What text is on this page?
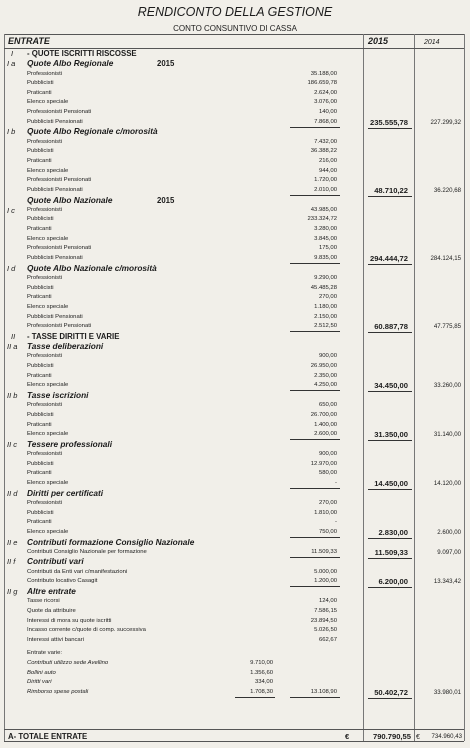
RENDICONTO DELLA GESTIONE
CONTO CONSUNTIVO DI CASSA
ENTRATE	2015	2014
I - QUOTE ISCRITTI RISCOSSE
I a Quote Albo Regionale	2015
Professionisti	35.188,00
Pubblicisti	186.659,78
Praticanti	2.624,00
Elenco speciale	3.076,00
Professionisti Pensionati	140,00
Pubblicisti Pensionati	7.868,00	235.555,78	227.299,32
I b Quote Albo Regionale c/morosità
Professionisti	7.432,00
Pubblicisti	36.388,22
Praticanti	216,00
Elenco speciale	944,00
Professionisti Pensionati	1.720,00
Pubblicisti Pensionati	2.010,00	48.710,22	36.220,68
Quote Albo Nazionale	2015
I c Professionisti	43.985,00
Pubblicisti	233.324,72
Praticanti	3.280,00
Elenco speciale	3.845,00
Professionisti Pensionati	175,00
Pubblicisti Pensionati	9.835,00	294.444,72	284.124,15
I d Quote Albo Nazionale c/morosità
Professionisti	9.290,00
Pubblicisti	45.485,28
Praticanti	270,00
Elenco speciale	1.180,00
Pubblicisti Pensionati	2.150,00
Professionisti Pensionati	2.512,50	60.887,78	47.775,85
II - TASSE DIRITTI E VARIE
II a Tasse deliberazioni
Professionisti	900,00
Pubblicisti	26.950,00
Praticanti	2.350,00
Elenco speciale	4.250,00	34.450,00	33.260,00
II b Tasse iscrizioni
Professionisti	650,00
Pubblicisti	26.700,00
Praticanti	1.400,00
Elenco speciale	2.600,00	31.350,00	31.140,00
II c Tessere professionali
Professionisti	900,00
Pubblicisti	12.970,00
Praticanti	580,00
Elenco speciale	-	14.450,00	14.120,00
II d Diritti per certificati
Professionisti	270,00
Pubblicisti	1.810,00
Praticanti	-
Elenco speciale	750,00	2.830,00	2.600,00
II e Contributi formazione Consiglio Nazionale
Contributi Consiglio Nazionale per formazione	11.509,33	11.509,33	9.097,00
II f Contributi vari
Contributi da Enti vari c/manifestazioni	5.000,00
Contributo locativo Casagit	1.200,00	6.200,00	13.343,42
II g Altre entrate
Tasse ricorsi	124,00
Quote da attribuire	7.586,15
Interessi di mora su quote iscritti	23.894,50
Incasso corrente c/quote di comp. successiva	5.026,50
Interessi attivi bancari	662,67
Entrate varie:
Contributi utilizzo sede Avellino	9.710,00
Bollini auto	1.356,60
Diritti vari	334,00
Rimborso spese postali	1.708,30	13.108,90	50.402,72	33.980,01
A- TOTALE ENTRATE	€	790.790,55 €	734.960,43
